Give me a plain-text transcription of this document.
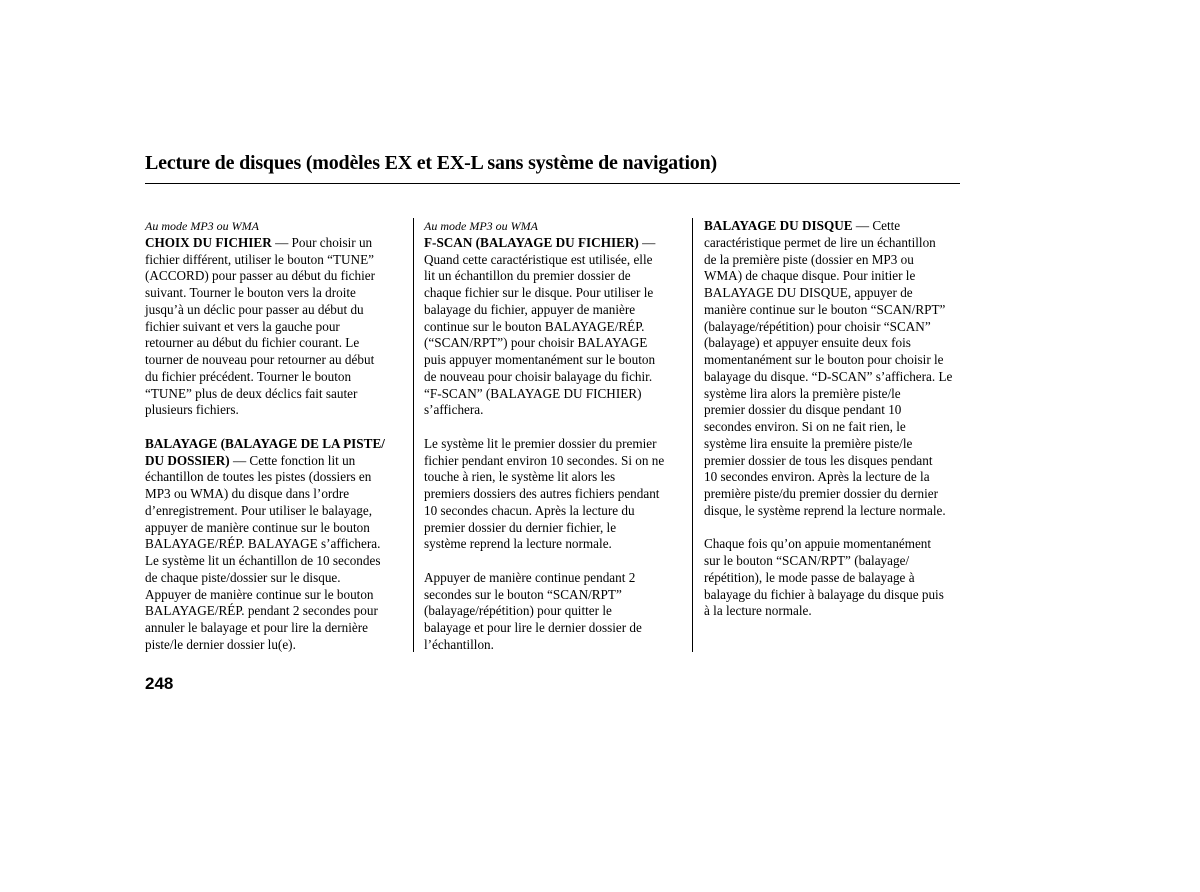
Lecture de disques (modèles EX et EX-L sans système de navigation)
Au mode MP3 ou WMA
CHOIX DU FICHIER — Pour choisir un
fichier différent, utiliser le bouton “TUNE”
(ACCORD) pour passer au début du fichier
suivant. Tourner le bouton vers la droite
jusqu’à un déclic pour passer au début du
fichier suivant et vers la gauche pour
retourner au début du fichier courant. Le
tourner de nouveau pour retourner au début
du fichier précédent. Tourner le bouton
“TUNE” plus de deux déclics fait sauter
plusieurs fichiers.
BALAYAGE (BALAYAGE DE LA PISTE/
DU DOSSIER) — Cette fonction lit un
échantillon de toutes les pistes (dossiers en
MP3 ou WMA) du disque dans l’ordre
d’enregistrement. Pour utiliser le balayage,
appuyer de manière continue sur le bouton
BALAYAGE/RÉP. BALAYAGE s’affichera.
Le système lit un échantillon de 10 secondes
de chaque piste/dossier sur le disque.
Appuyer de manière continue sur le bouton
BALAYAGE/RÉP. pendant 2 secondes pour
annuler le balayage et pour lire la dernière
piste/le dernier dossier lu(e).
Au mode MP3 ou WMA
F-SCAN (BALAYAGE DU FICHIER) —
Quand cette caractéristique est utilisée, elle
lit un échantillon du premier dossier de
chaque fichier sur le disque. Pour utiliser le
balayage du fichier, appuyer de manière
continue sur le bouton BALAYAGE/RÉP.
(“SCAN/RPT”) pour choisir BALAYAGE
puis appuyer momentanément sur le bouton
de nouveau pour choisir balayage du fichir.
“F-SCAN” (BALAYAGE DU FICHIER)
s’affichera.
Le système lit le premier dossier du premier
fichier pendant environ 10 secondes. Si on ne
touche à rien, le système lit alors les
premiers dossiers des autres fichiers pendant
10 secondes chacun. Après la lecture du
premier dossier du dernier fichier, le
système reprend la lecture normale.
Appuyer de manière continue pendant 2
secondes sur le bouton “SCAN/RPT”
(balayage/répétition) pour quitter le
balayage et pour lire le dernier dossier de
l’échantillon.
BALAYAGE DU DISQUE — Cette
caractéristique permet de lire un échantillon
de la première piste (dossier en MP3 ou
WMA) de chaque disque. Pour initier le
BALAYAGE DU DISQUE, appuyer de
manière continue sur le bouton “SCAN/RPT”
(balayage/répétition) pour choisir “SCAN”
(balayage) et appuyer ensuite deux fois
momentanément sur le bouton pour choisir le
balayage du disque. “D-SCAN” s’affichera. Le
système lira alors la première piste/le
premier dossier du disque pendant 10
secondes environ. Si on ne fait rien, le
système lira ensuite la première piste/le
premier dossier de tous les disques pendant
10 secondes environ. Après la lecture de la
première piste/du premier dossier du dernier
disque, le système reprend la lecture normale.
Chaque fois qu’on appuie momentanément
sur le bouton “SCAN/RPT” (balayage/
répétition), le mode passe de balayage à
balayage du fichier à balayage du disque puis
à la lecture normale.
248
